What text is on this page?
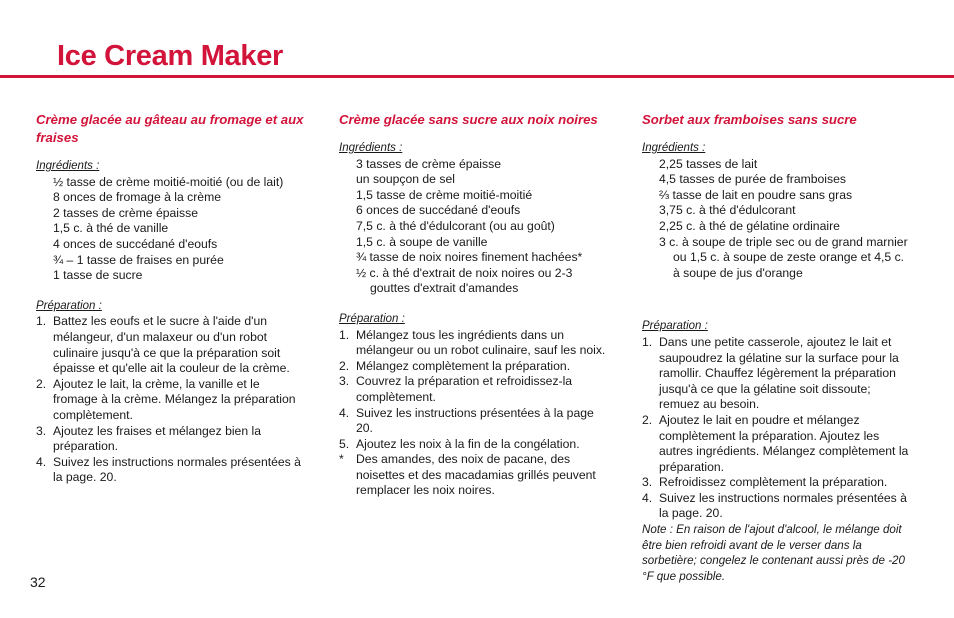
Ice Cream Maker
Crème glacée au gâteau au fromage et aux fraises

Ingrédients :

½ tasse de crème moitié-moitié (ou de lait)
8 onces de fromage à la crème
2 tasses de crème épaisse
1,5 c. à thé de vanille
4 onces de succédané d'eoufs
¾ – 1 tasse de fraises en purée
1 tasse de sucre

Préparation :

1. Battez les eoufs et le sucre à l'aide d'un mélangeur, d'un malaxeur ou d'un robot culinaire jusqu'à ce que la préparation soit épaisse et qu'elle ait la couleur de la crème.
2. Ajoutez le lait, la crème, la vanille et le fromage à la crème. Mélangez la préparation complètement.
3. Ajoutez les fraises et mélangez bien la préparation.
4. Suivez les instructions normales présentées à la page. 20.
Crème glacée sans sucre aux noix noires

Ingrédients :

3 tasses de crème épaisse
un soupçon de sel
1,5 tasse de crème moitié-moitié
6 onces de succédané d'eoufs
7,5 c. à thé d'édulcorant (ou au goût)
1,5 c. à soupe de vanille
¾ tasse de noix noires finement hachées*
½ c. à thé d'extrait de noix noires ou 2-3 gouttes d'extrait d'amandes

Préparation :

1. Mélangez tous les ingrédients dans un mélangeur ou un robot culinaire, sauf les noix.
2. Mélangez complètement la préparation.
3. Couvrez la préparation et refroidissez-la complètement.
4. Suivez les instructions présentées à la page 20.
5. Ajoutez les noix à la fin de la congélation.

* Des amandes, des noix de pacane, des noisettes et des macadamias grillés peuvent remplacer les noix noires.

Sorbet aux framboises sans sucre

Ingrédients :

2,25 tasses de lait
4,5 tasses de purée de framboises
⅔ tasse de lait en poudre sans gras
3,75 c. à thé d'édulcorant
2,25 c. à thé de gélatine ordinaire
3 c. à soupe de triple sec ou de grand marnier ou 1,5 c. à soupe de zeste orange et 4,5 c. à soupe de jus d'orange

Préparation :

1. Dans une petite casserole, ajoutez le lait et saupoudrez la gélatine sur la surface pour la ramollir. Chauffez légèrement la préparation jusqu'à ce que la gélatine soit dissoute; remuez au besoin.
2. Ajoutez le lait en poudre et mélangez complètement la préparation. Ajoutez les autres ingrédients. Mélangez complètement la préparation.
3. Refroidissez complètement la préparation.
4. Suivez les instructions normales présentées à la page. 20.

Note : En raison de l'ajout d'alcool, le mélange doit être bien refroidi avant de le verser dans la sorbetière; congelez le contenant aussi près de -20 °F que possible.

32
